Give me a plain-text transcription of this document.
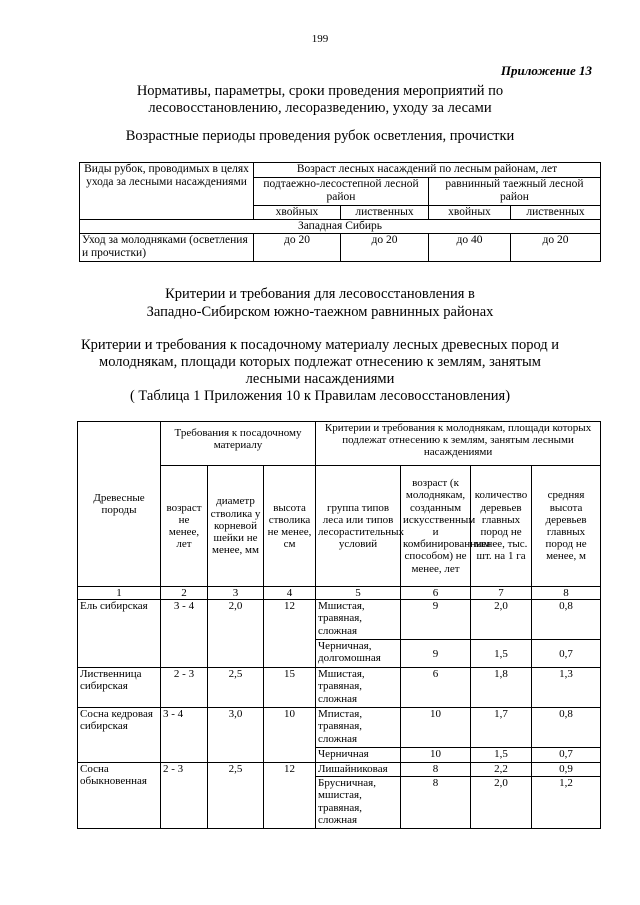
199
Приложение 13
Нормативы, параметры, сроки проведения мероприятий по
лесовосстановлению, лесоразведению, уходу за лесами
Возрастные периоды проведения рубок осветления, прочистки
Виды рубок, проводимых в целях ухода за лесными насаждениями	Возраст лесных насаждений по лесным районам, лет			
	подтаежно-лесостепной лесной район		равнинный таежный лесной район	
	хвойных	лиственных	хвойных	лиственных
Западная Сибирь				
Уход за молодняками (осветления и прочистки)	до 20	до 20	до 40	до 20
Критерии и требования для лесовосстановления в
Западно-Сибирском южно-таежном равнинных районах
Критерии и требования к посадочному материалу лесных древесных пород и
молоднякам, площади которых подлежат отнесению к землям, занятым
лесными насаждениями
( Таблица 1 Приложения 10 к Правилам лесовосстановления)
Древесные породы	Требования к посадочному материалу			Критерии и требования к молоднякам, площади которых подлежат отнесению к землям, занятым лесными насаждениями			
	возраст не менее, лет	диаметр стволика у корневой шейки не менее, мм	высота стволика не менее, см	группа типов леса или типов лесорастительных условий	возраст (к молоднякам, созданным искусственным и комбинированным способом) не менее, лет	количество деревьев главных пород не менее, тыс. шт. на 1 га	средняя высота деревьев главных пород не менее, м
1	2	3	4	5	6	7	8
Ель сибирская	3 - 4	2,0	12	Мшистая, травяная, сложная	9	2,0	0,8
				Черничная, долгомошная	9	1,5	0,7
Лиственница сибирская	2 - 3	2,5	15	Мшистая, травяная, сложная	6	1,8	1,3
Сосна кедровая сибирская	3 - 4	3,0	10	Мпистая, травяная, сложная	10	1,7	0,8
				Черничная	10	1,5	0,7
Сосна обыкновенная	2 - 3	2,5	12	Лишайниковая	8	2,2	0,9
				Брусничная, мшистая, травяная, сложная	8	2,0	1,2
